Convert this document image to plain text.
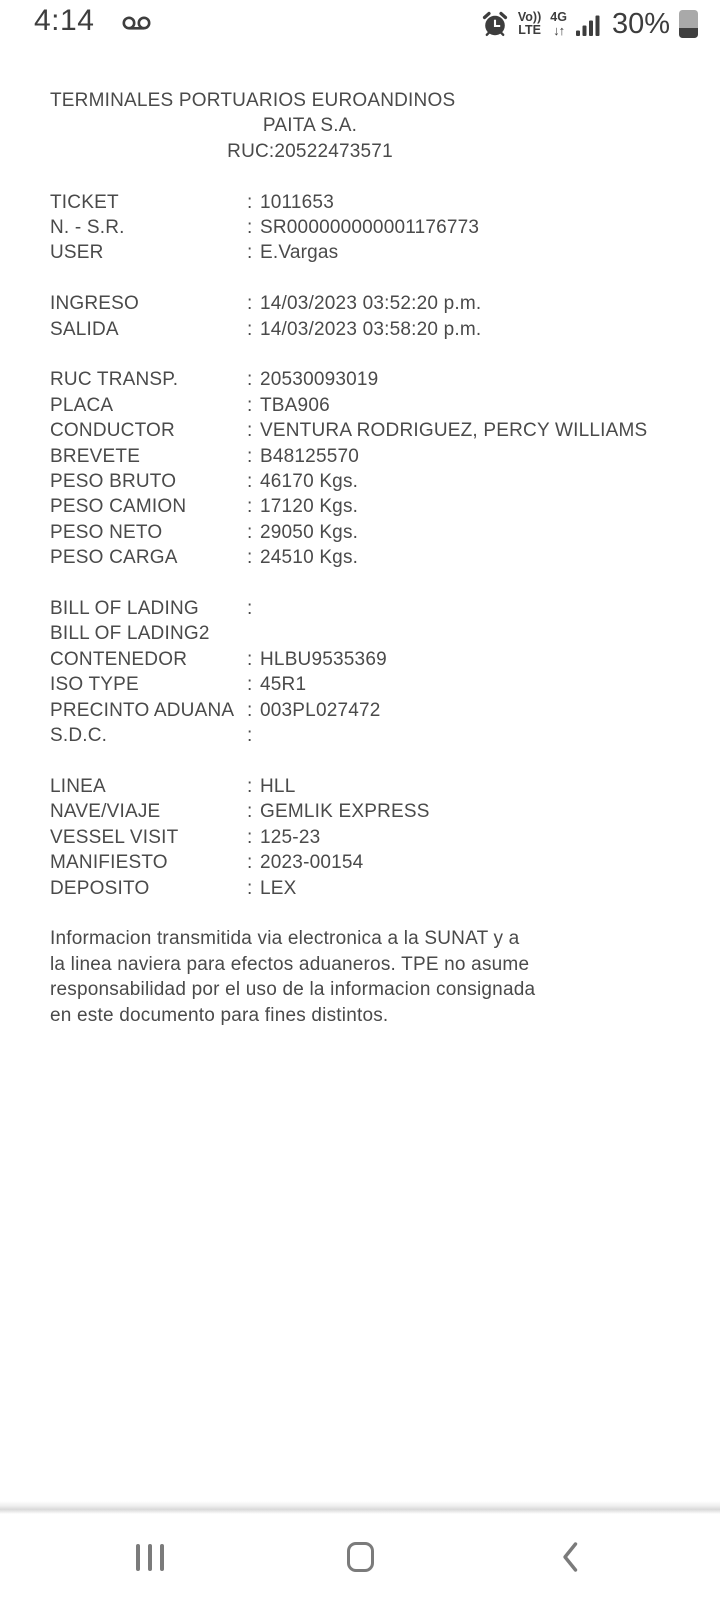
4:14	Vo))
LTE
4G
↓↑ 30%
TERMINALES PORTUARIOS EUROANDINOS
PAITA S.A.
RUC:20522473571
TICKET	: 1011653
N. - S.R.	: SR000000000001176773
USER	: E.Vargas
INGRESO	: 14/03/2023 03:52:20 p.m.
SALIDA	: 14/03/2023 03:58:20 p.m.
RUC TRANSP.	: 20530093019
PLACA	: TBA906
CONDUCTOR	: VENTURA RODRIGUEZ, PERCY WILLIAMS
BREVETE	: B48125570
PESO BRUTO	: 46170 Kgs.
PESO CAMION	: 17120 Kgs.
PESO NETO	: 29050 Kgs.
PESO CARGA	: 24510 Kgs.
BILL OF LADING	:
BILL OF LADING2
CONTENEDOR	: HLBU9535369
ISO TYPE	: 45R1
PRECINTO ADUANA : 003PL027472
S.D.C.	:
LINEA	: HLL
NAVE/VIAJE	: GEMLIK EXPRESS
VESSEL VISIT	: 125-23
MANIFIESTO	: 2023-00154
DEPOSITO	: LEX
Informacion transmitida via electronica a la SUNAT y a
la linea naviera para efectos aduaneros. TPE no asume
responsabilidad por el uso de la informacion consignada
en este documento para fines distintos.
